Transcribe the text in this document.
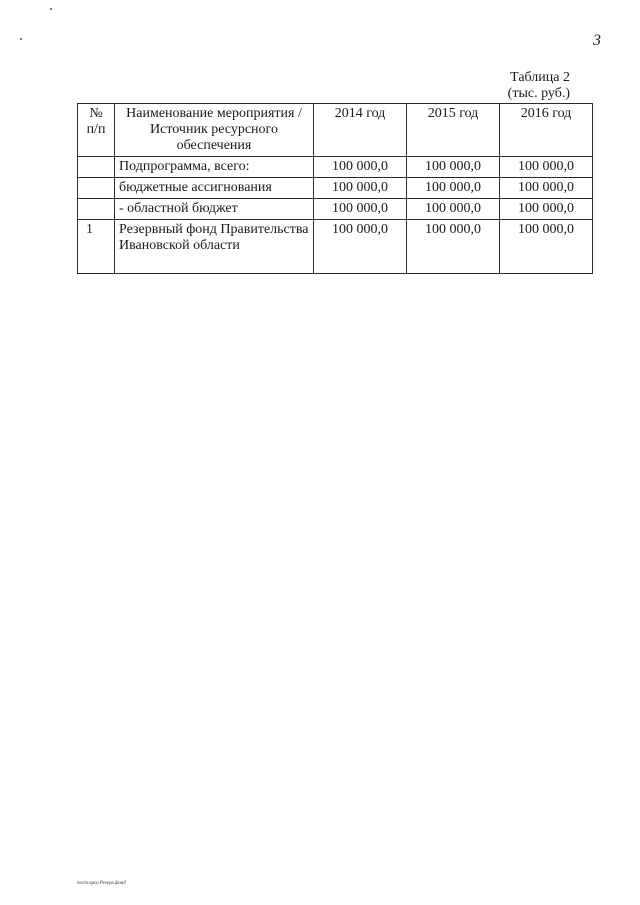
3
Таблица 2
(тыс. руб.)
№ п/п	Наименование мероприятия / Источник ресурсного обеспечения	2014 год	2015 год	2016 год
	Подпрограмма, всего:	100 000,0	100 000,0	100 000,0
	бюджетные ассигнования	100 000,0	100 000,0	100 000,0
	- областной бюджет	100 000,0	100 000,0	100 000,0
1	Резервный фонд Правительства Ивановской области	100 000,0	100 000,0	100 000,0
пост.прог.Резерв.фонд
